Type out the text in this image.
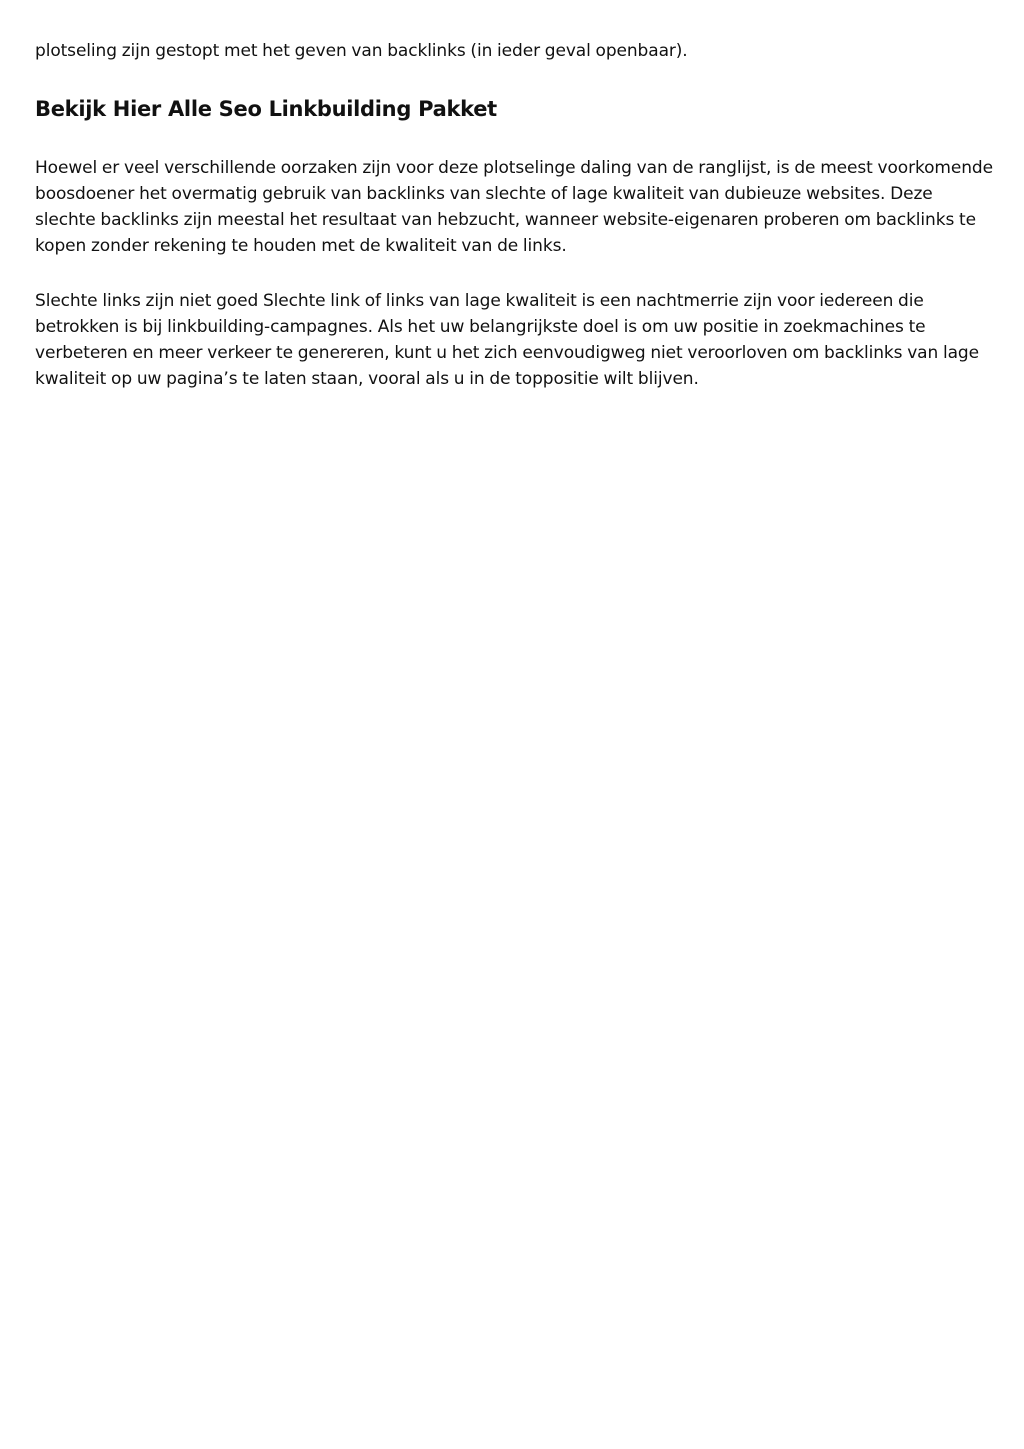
plotseling zijn gestopt met het geven van backlinks (in ieder geval openbaar).

Bekijk Hier Alle Seo Linkbuilding Pakket

Hoewel er veel verschillende oorzaken zijn voor deze plotselinge daling van de ranglijst, is de meest voorkomende boosdoener het overmatig gebruik van backlinks van slechte of lage kwaliteit van dubieuze websites. Deze slechte backlinks zijn meestal het resultaat van hebzucht, wanneer website-eigenaren proberen om backlinks te kopen zonder rekening te houden met de kwaliteit van de links.

Slechte links zijn niet goed Slechte link of links van lage kwaliteit is een nachtmerrie zijn voor iedereen die betrokken is bij linkbuilding-campagnes. Als het uw belangrijkste doel is om uw positie in zoekmachines te verbeteren en meer verkeer te genereren, kunt u het zich eenvoudigweg niet veroorloven om backlinks van lage kwaliteit op uw pagina’s te laten staan, vooral als u in de toppositie wilt blijven.
